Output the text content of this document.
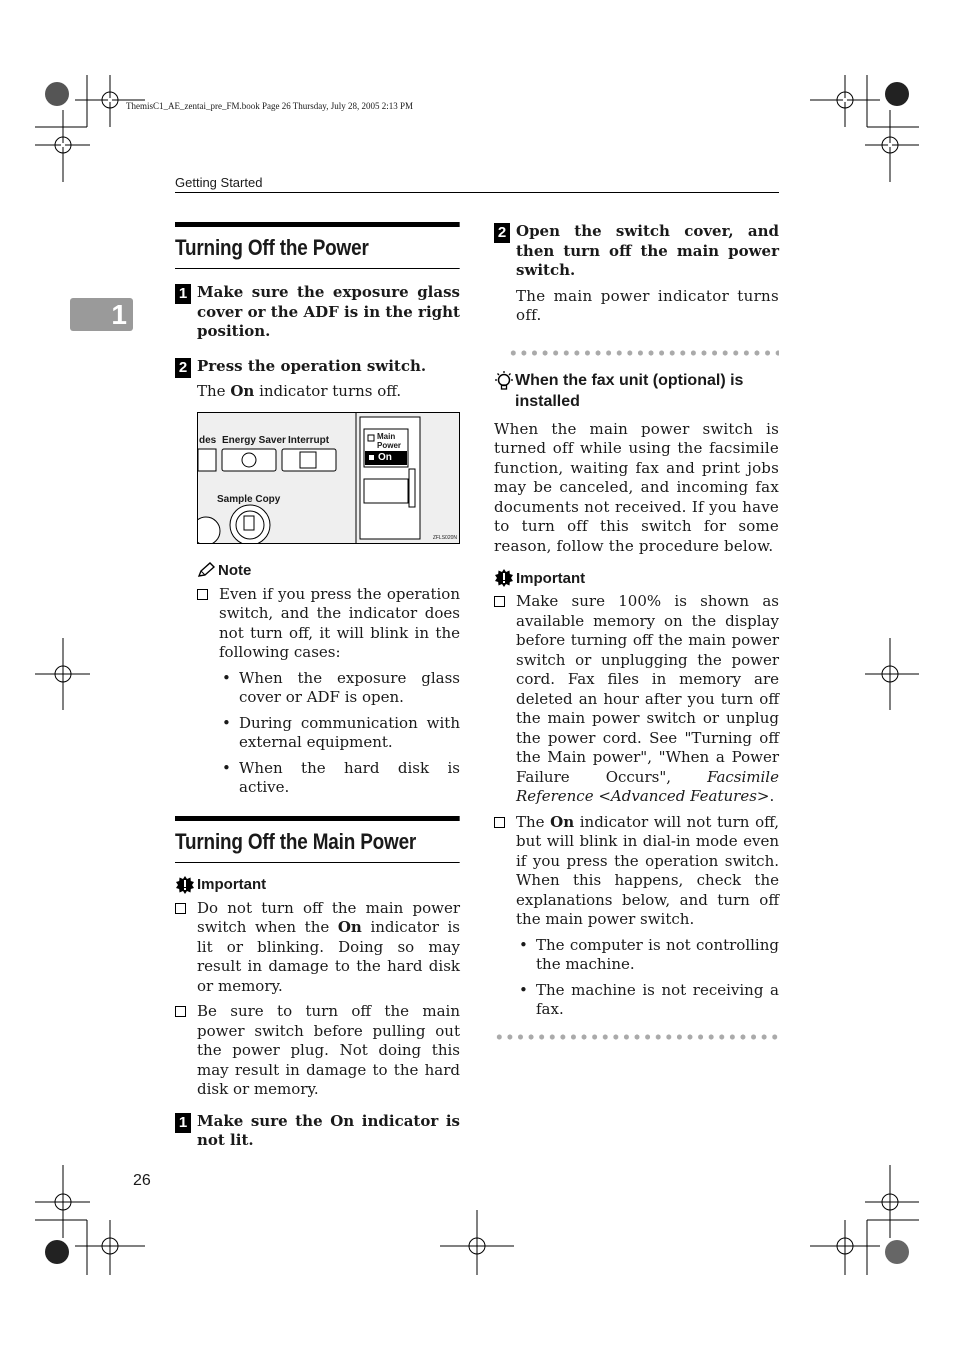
ThemisC1_AE_zentai_pre_FM.book Page 26 Thursday, July 28, 2005 2:13 PM
Getting Started
1
Turning Off the Power
1 Make sure the exposure glass cover or the ADF is in the right position.
2 Press the operation switch.
The On indicator turns off.
des Energy Saver Interrupt	Main Power
On
Sample Copy
ZFLS020N
Note
Even if you press the operation switch, and the indicator does not turn off, it will blink in the following cases:
• When the exposure glass cover or ADF is open.
• During communication with external equipment.
• When the hard disk is active.
Turning Off the Main Power
Important
Do not turn off the main power switch when the On indicator is lit or blinking. Doing so may result in damage to the hard disk or memory.
Be sure to turn off the main power switch before pulling out the power plug. Not doing this may result in damage to the hard disk or memory.
1 Make sure the On indicator is not lit.
2 Open the switch cover, and then turn off the main power switch.
The main power indicator turns off.
When the fax unit (optional) is installed
When the main power switch is turned off while using the facsimile function, waiting fax and print jobs may be canceled, and incoming fax documents not received. If you have to turn off this switch for some reason, follow the procedure below.
Important
Make sure 100% is shown as available memory on the display before turning off the main power switch or unplugging the power cord. Fax files in memory are deleted an hour after you turn off the main power switch or unplug the power cord. See "Turning off the Main power", "When a Power Failure Occurs", Facsimile Reference <Advanced Features>.
The On indicator will not turn off, but will blink in dial-in mode even if you press the operation switch. When this happens, check the explanations below, and turn off the main power switch.
• The computer is not controlling the machine.
• The machine is not receiving a fax.
26
